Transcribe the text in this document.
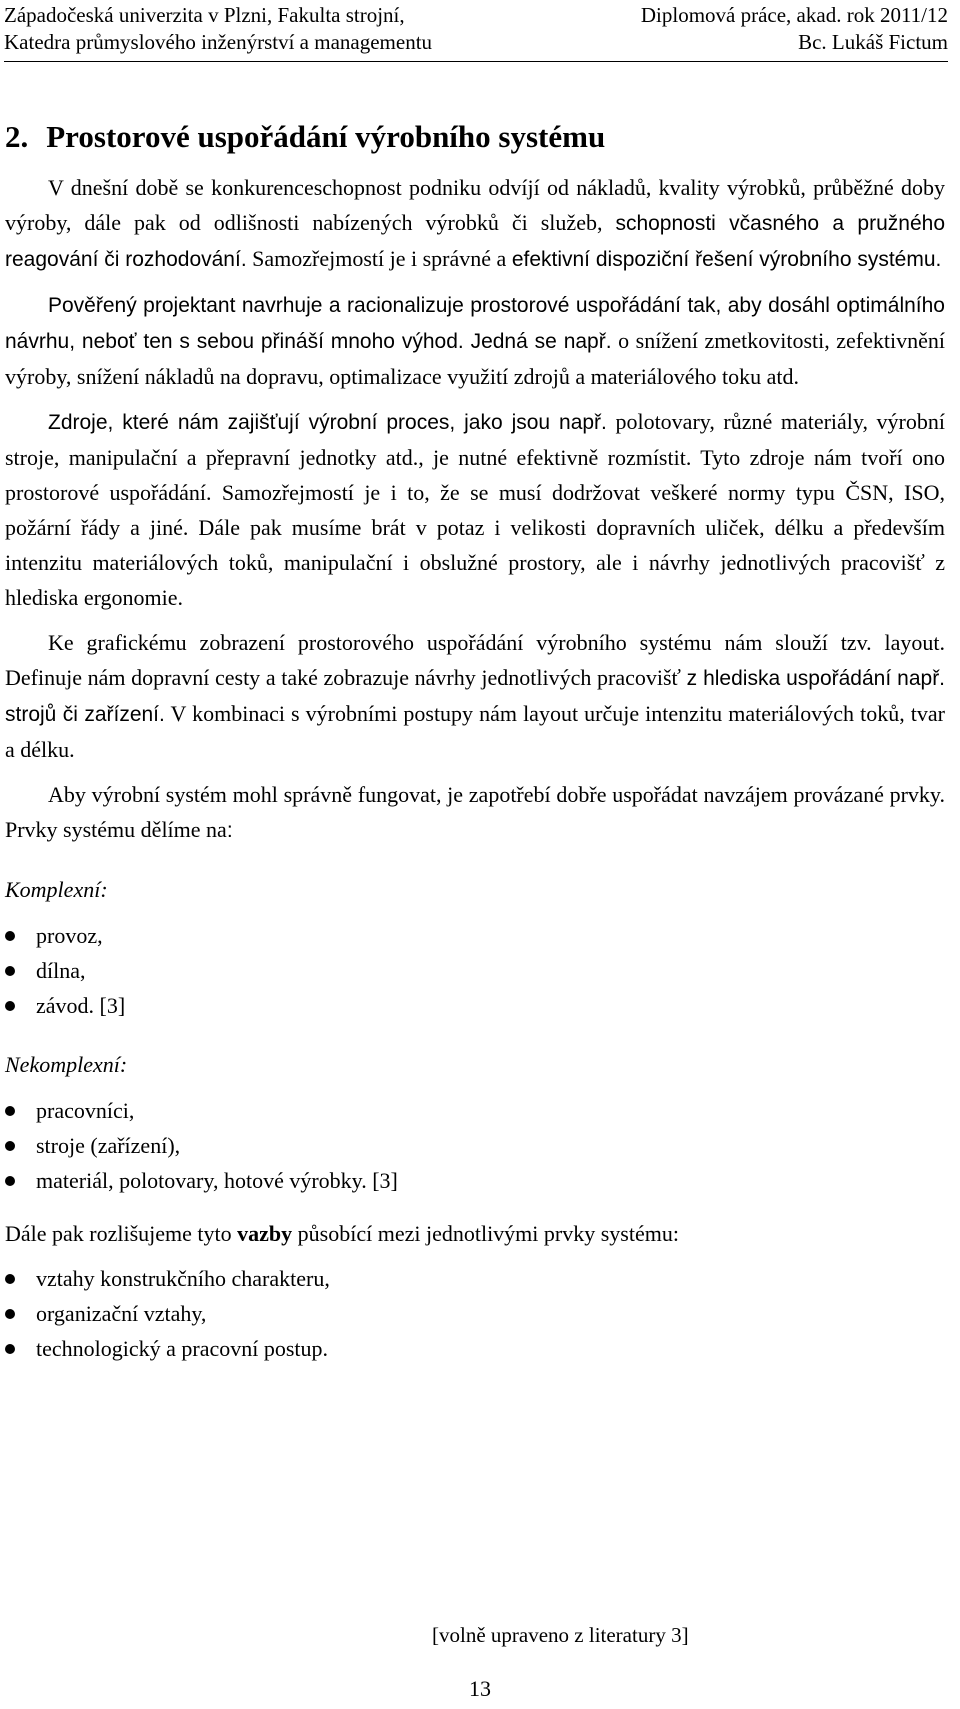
Západočeská univerzita v Plzni, Fakulta strojní,	Diplomová práce, akad. rok 2011/12
Katedra průmyslového inženýrství a managementu	Bc. Lukáš Fictum
2. Prostorové uspořádání výrobního systému

V dnešní době se konkurenceschopnost podniku odvíjí od nákladů, kvality výrobků, průběžné doby výroby, dále pak od odlišnosti nabízených výrobků či služeb, schopnosti včasného a pružného reagování či rozhodování. Samozřejmostí je i správné a efektivní dispoziční řešení výrobního systému.

Pověřený projektant navrhuje a racionalizuje prostorové uspořádání tak, aby dosáhl optimálního návrhu, neboť ten s sebou přináší mnoho výhod. Jedná se např. o snížení zmetkovitosti, zefektivnění výroby, snížení nákladů na dopravu, optimalizace využití zdrojů a materiálového toku atd.

Zdroje, které nám zajišťují výrobní proces, jako jsou např. polotovary, různé materiály, výrobní stroje, manipulační a přepravní jednotky atd., je nutné efektivně rozmístit. Tyto zdroje nám tvoří ono prostorové uspořádání. Samozřejmostí je i to, že se musí dodržovat veškeré normy typu ČSN, ISO, požární řády a jiné. Dále pak musíme brát v potaz i velikosti dopravních uliček, délku a především intenzitu materiálových toků, manipulační i obslužné prostory, ale i návrhy jednotlivých pracovišť z hlediska ergonomie.

Ke grafickému zobrazení prostorového uspořádání výrobního systému nám slouží tzv. layout. Definuje nám dopravní cesty a také zobrazuje návrhy jednotlivých pracovišť z hlediska uspořádání např. strojů či zařízení. V kombinaci s výrobními postupy nám layout určuje intenzitu materiálových toků, tvar a délku.

Aby výrobní systém mohl správně fungovat, je zapotřebí dobře uspořádat navzájem provázané prvky. Prvky systému dělíme na:

Komplexní:
provoz,
dílna,
závod. [3]
Nekomplexní:
pracovníci,
stroje (zařízení),
materiál, polotovary, hotové výrobky. [3]

Dále pak rozlišujeme tyto vazby působící mezi jednotlivými prvky systému:

vztahy konstrukčního charakteru,
organizační vztahy,
technologický a pracovní postup.
[volně upraveno z literatury 3]
13
